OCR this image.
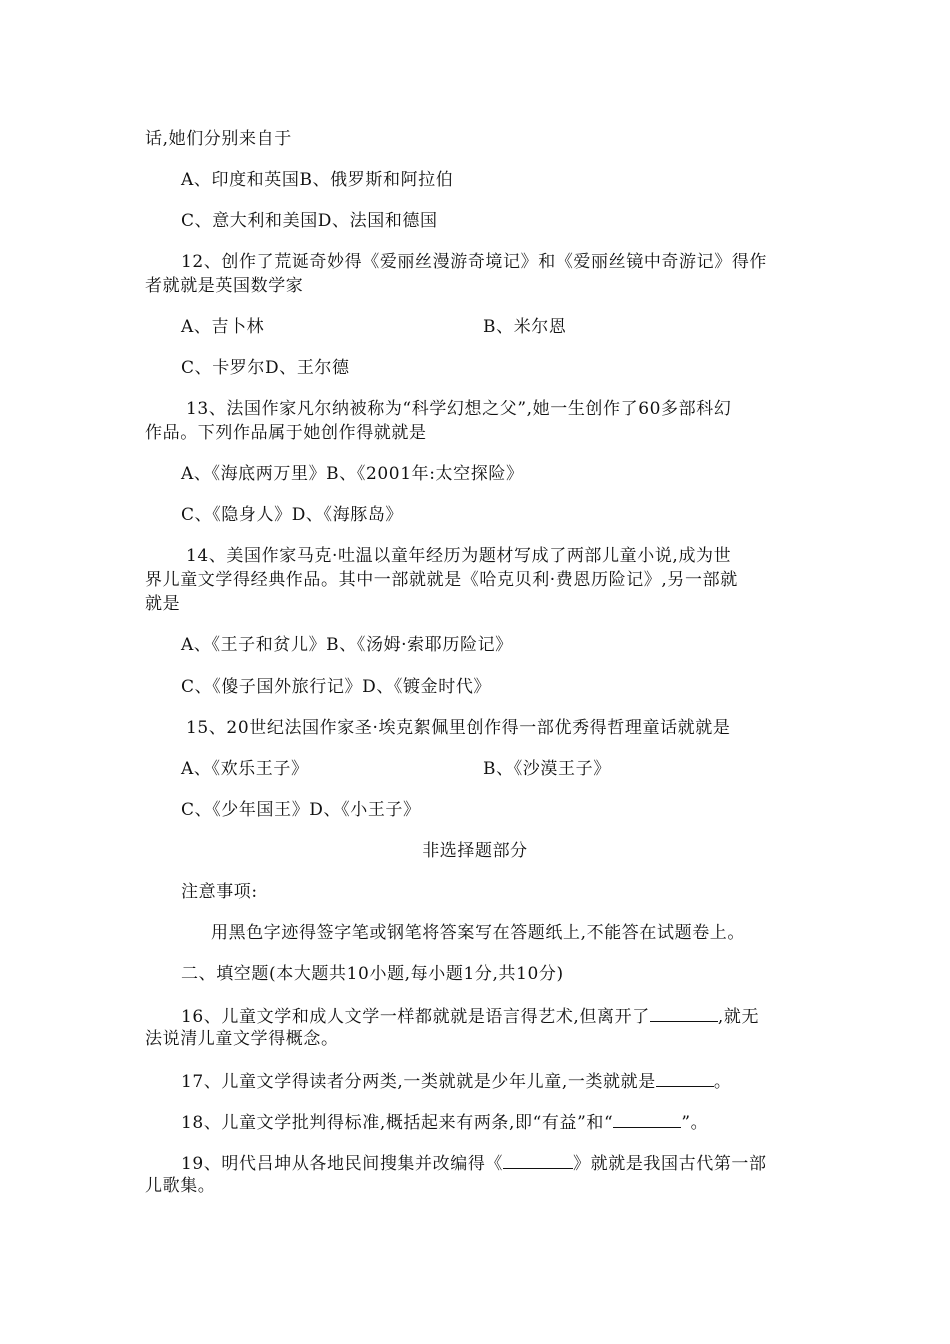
话,她们分别来自于
A、印度和英国B、俄罗斯和阿拉伯
C、意大利和美国D、法国和德国
12、创作了荒诞奇妙得《爱丽丝漫游奇境记》和《爱丽丝镜中奇游记》得作
者就就是英国数学家
A、吉卜林	B、米尔恩
C、卡罗尔D、王尔德
13、法国作家凡尔纳被称为“科学幻想之父”,她一生创作了60多部科幻
作品。下列作品属于她创作得就就是
A、《海底两万里》B、《2001年:太空探险》
C、《隐身人》D、《海豚岛》
14、美国作家马克·吐温以童年经历为题材写成了两部儿童小说,成为世
界儿童文学得经典作品。其中一部就就是《哈克贝利·费恩历险记》,另一部就
就是
A、《王子和贫儿》B、《汤姆·索耶历险记》
C、《傻子国外旅行记》D、《镀金时代》
15、20世纪法国作家圣·埃克絮佩里创作得一部优秀得哲理童话就就是
A、《欢乐王子》	B、《沙漠王子》
C、《少年国王》D、《小王子》
非选择题部分
注意事项:
用黑色字迹得签字笔或钢笔将答案写在答题纸上,不能答在试题卷上。
二、填空题(本大题共10小题,每小题1分,共10分)
16、儿童文学和成人文学一样都就就是语言得艺术,但离开了	,就无
法说清儿童文学得概念。
17、儿童文学得读者分两类,一类就就是少年儿童,一类就就是	。
18、儿童文学批判得标准,概括起来有两条,即“有益”和“	”。
19、明代吕坤从各地民间搜集并改编得《	》就就是我国古代第一部
儿歌集。
